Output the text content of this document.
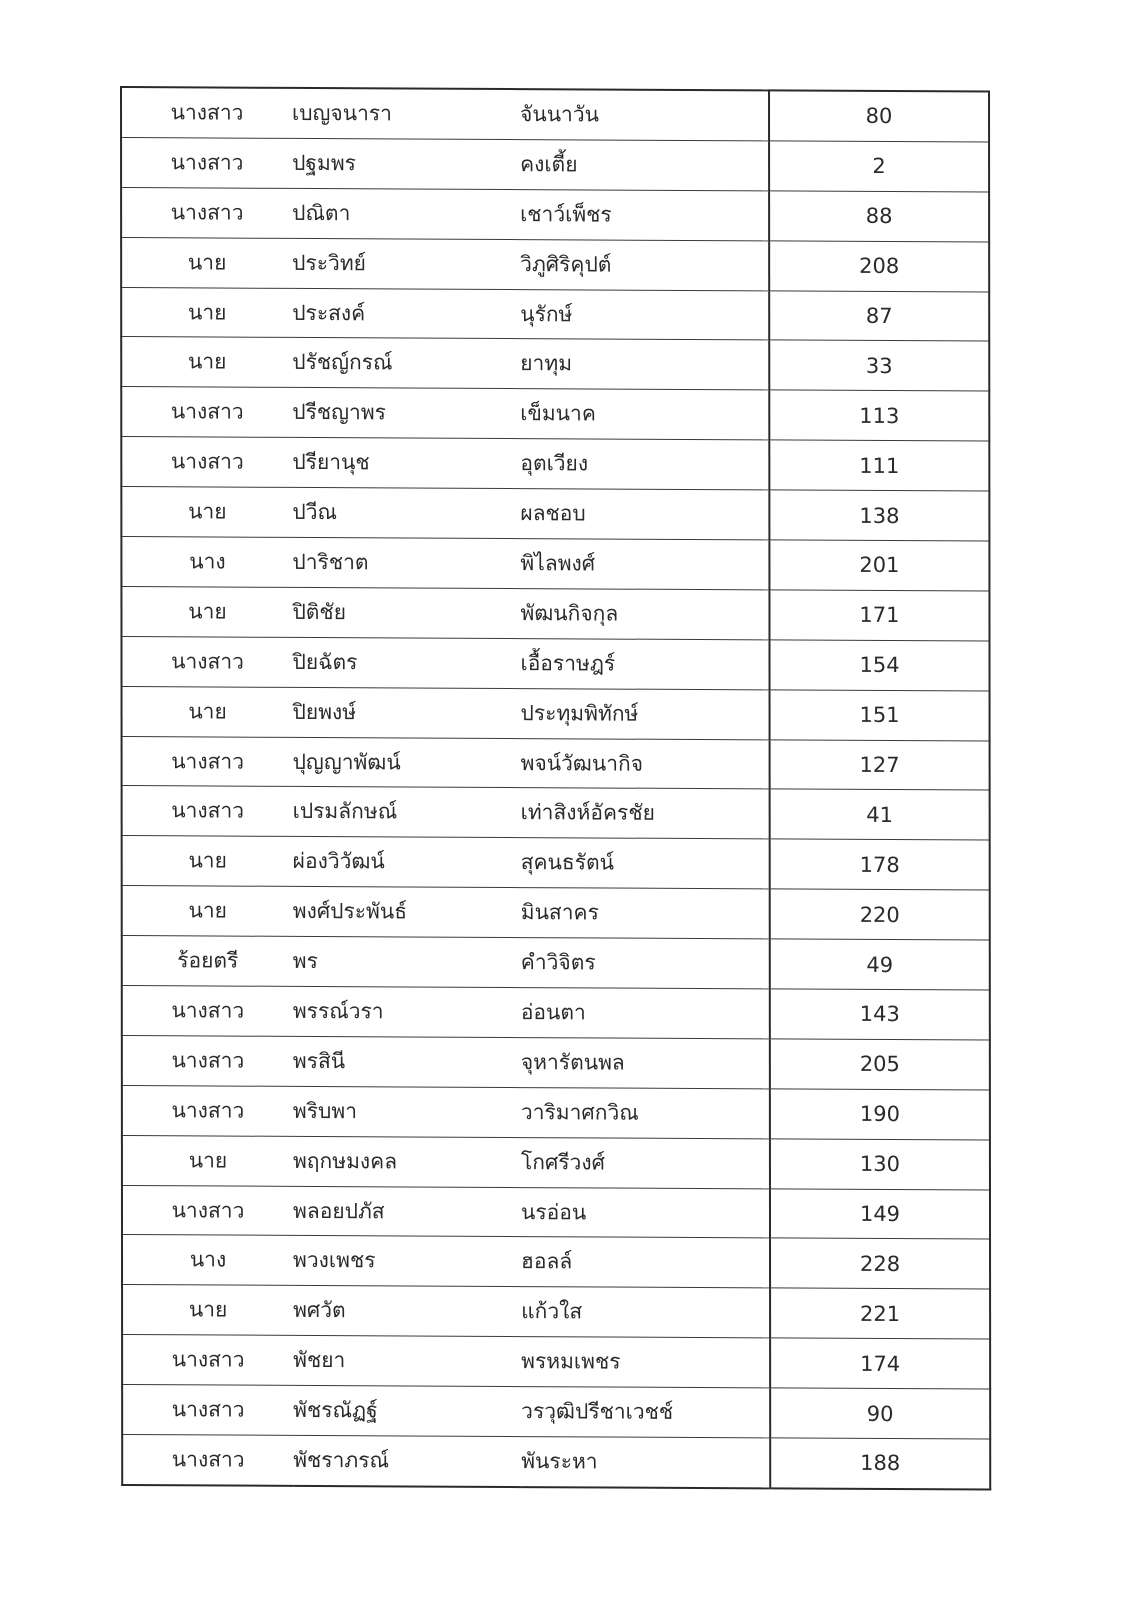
นางสาว	เบญจนารา	จันนาวัน	80
นางสาว	ปฐมพร	คงเตี้ย	2
นางสาว	ปณิตา	เชาว์เพ็ชร	88
นาย	ประวิทย์	วิภูศิริคุปต์	208
นาย	ประสงค์	นุรักษ์	87
นาย	ปรัชญ์กรณ์	ยาทุม	33
นางสาว	ปรีชญาพร	เข็มนาค	113
นางสาว	ปรียานุช	อุตเวียง	111
นาย	ปวีณ	ผลชอบ	138
นาง	ปาริชาต	พิไลพงศ์	201
นาย	ปิติชัย	พัฒนกิจกุล	171
นางสาว	ปิยฉัตร	เอื้อราษฎร์	154
นาย	ปิยพงษ์	ประทุมพิทักษ์	151
นางสาว	ปุญญาพัฒน์	พจน์วัฒนากิจ	127
นางสาว	เปรมลักษณ์	เท่าสิงห์อัครชัย	41
นาย	ผ่องวิวัฒน์	สุคนธรัตน์	178
นาย	พงศ์ประพันธ์	มินสาคร	220
ร้อยตรี	พร	คำวิจิตร	49
นางสาว	พรรณ์วรา	อ่อนตา	143
นางสาว	พรสินี	จุหารัตนพล	205
นางสาว	พริบพา	วาริมาศกวิณ	190
นาย	พฤกษมงคล	โกศรีวงศ์	130
นางสาว	พลอยปภัส	นรอ่อน	149
นาง	พวงเพชร	ฮอลล์	228
นาย	พศวัต	แก้วใส	221
นางสาว	พัชยา	พรหมเพชร	174
นางสาว	พัชรณัฏฐ์	วรวุฒิปรีชาเวชช์	90
นางสาว	พัชราภรณ์	พันระหา	188
